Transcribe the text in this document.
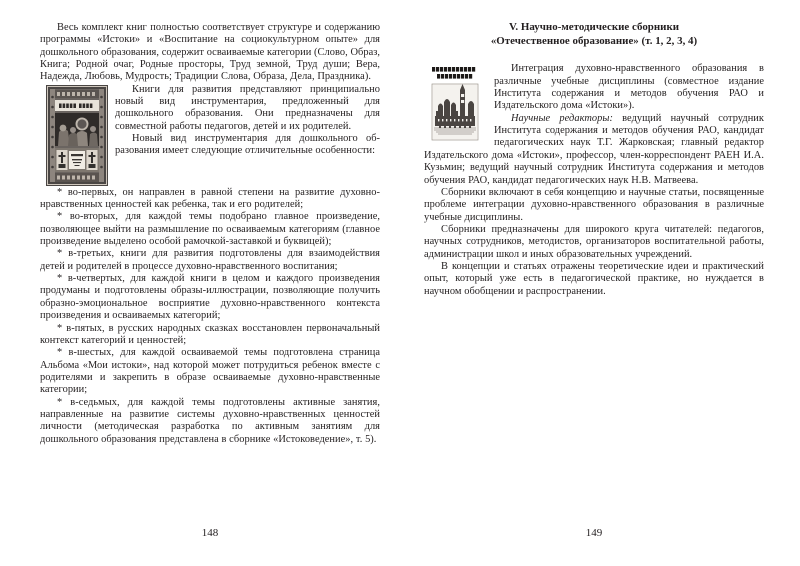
Весь комплект книг полностью соответствует структуре и содержанию программы «Истоки» и «Воспитание на социокультурном опыте» для дошкольного образования, содержит осваиваемые категории (Слово, Образ, Книга; Родной очаг, Родные просторы, Труд земной, Труд души; Вера, Надежда, Любовь, Мудрость; Традиции Слова, Образа, Дела, Праздника).

Книги для развития представляют принципиально новый вид инструментария, предложенный для дошкольного образования. Они предназначены для совместной работы педагогов, детей и их родителей.

Новый вид инструментария для дошкольного образования имеет следующие отличительные особенности:

* во-первых, он направлен в равной степени на развитие духовно-нравственных ценностей как ребенка, так и его родителей;

* во-вторых, для каждой темы подобрано главное произведение, позволяющее выйти на размышление по осваиваемым категориям (главное произведение выделено особой рамочкой-заставкой и буквицей);

* в-третьих, книги для развития подготовлены для взаимодействия детей и родителей в процессе духовно-нравственного воспитания;

* в-четвертых, для каждой книги в целом и каждого произведения продуманы и подготовлены образы-иллюстрации, позволяющие получить образно-эмоциональное восприятие духовно-нравственного контекста произведения и осваиваемых категорий;

* в-пятых, в русских народных сказках восстановлен первоначальный контекст категорий и ценностей;

* в-шестых, для каждой осваиваемой темы подготовлена страница Альбома «Мои истоки», над которой может потрудиться ребенок вместе с родителями и закрепить в образе осваиваемые духовно-нравственные категории;

* в-седьмых, для каждой темы подготовлены активные занятия, направленные на развитие системы духовно-нравственных ценностей личности (методическая разработка по активным занятиям для дошкольного образования представлена в сборнике «Истоковедение», т. 5).

148
V. Научно-методические сборники
«Отечественное образование» (т. 1, 2, 3, 4)

Интеграция духовно-нравственного образования в различные учебные дисциплины (совместное издание Института содержания и методов обучения РАО и Издательского дома «Истоки»).

Научные редакторы: ведущий научный сотрудник Института содержания и методов обучения РАО, кандидат педагогических наук Т.Г. Жарковская; главный редактор Издательского дома «Истоки», профессор, член-корреспондент РАЕН И.А. Кузьмин; ведущий научный сотрудник Института содержания и методов обучения РАО, кандидат педагогических наук Н.В. Матвеева.

Сборники включают в себя концепцию и научные статьи, посвященные проблеме интеграции духовно-нравственного образования в различные учебные дисциплины.

Сборники предназначены для широкого круга читателей: педагогов, научных сотрудников, методистов, организаторов воспитательной работы, администрации школ и иных образовательных учреждений.

В концепции и статьях отражены теоретические идеи и практический опыт, который уже есть в педагогической практике, но нуждается в научном обобщении и распространении.

149
